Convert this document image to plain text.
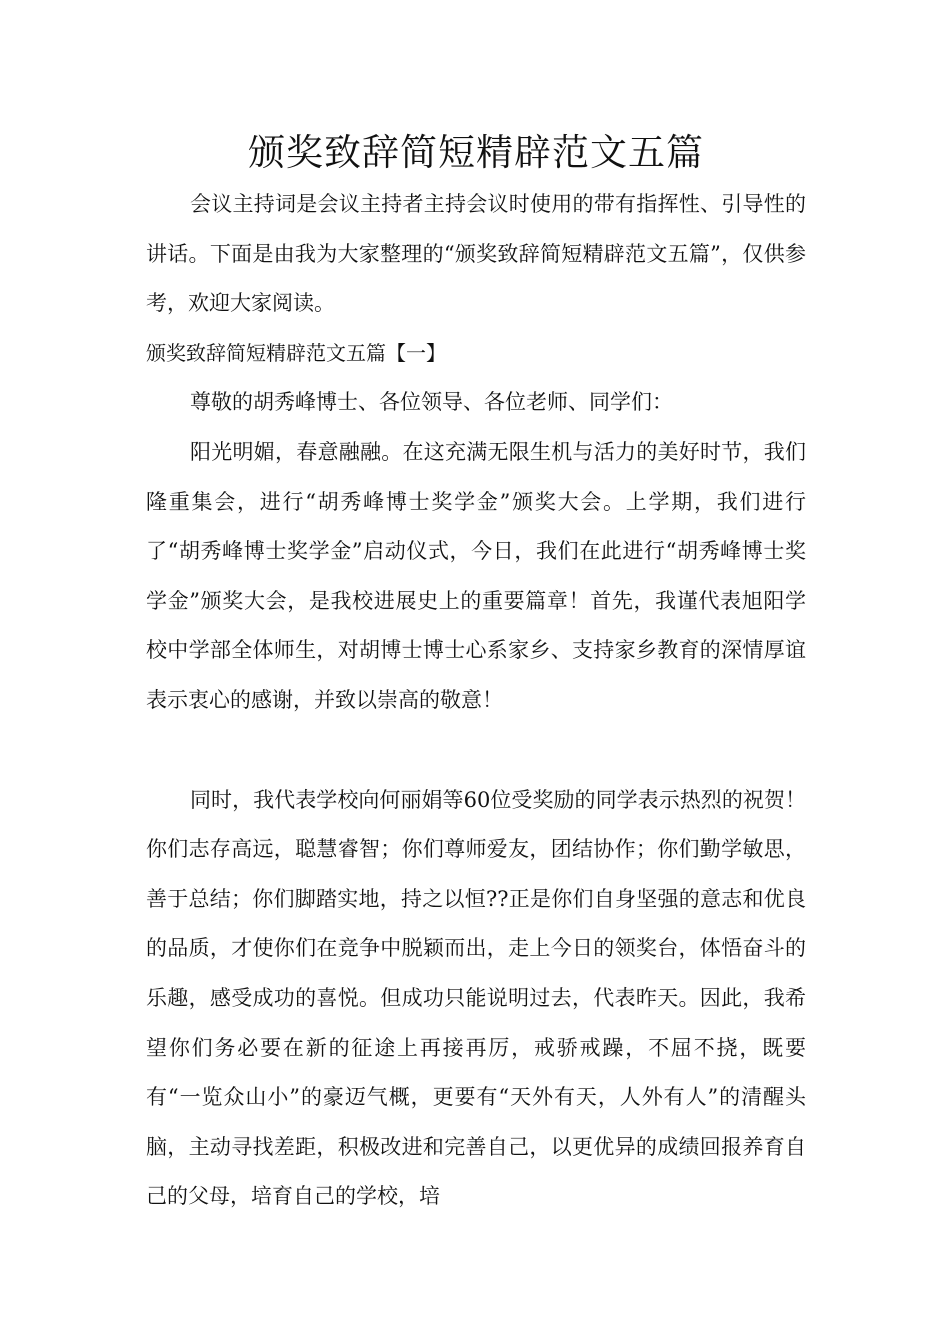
颁奖致辞简短精辟范文五篇

会议主持词是会议主持者主持会议时使用的带有指挥性、引导性的讲话。下面是由我为大家整理的“颁奖致辞简短精辟范文五篇”，仅供参考，欢迎大家阅读。

颁奖致辞简短精辟范文五篇【一】

尊敬的胡秀峰博士、各位领导、各位老师、同学们：

阳光明媚，春意融融。在这充满无限生机与活力的美好时节，我们隆重集会，进行“胡秀峰博士奖学金”颁奖大会。上学期，我们进行了“胡秀峰博士奖学金”启动仪式，今日，我们在此进行“胡秀峰博士奖学金”颁奖大会，是我校进展史上的重要篇章！首先，我谨代表旭阳学校中学部全体师生，对胡博士博士心系家乡、支持家乡教育的深情厚谊表示衷心的感谢，并致以崇高的敬意！

同时，我代表学校向何丽娟等60位受奖励的同学表示热烈的祝贺！你们志存高远，聪慧睿智；你们尊师爱友，团结协作；你们勤学敏思，善于总结；你们脚踏实地，持之以恒??正是你们自身坚强的意志和优良的品质，才使你们在竞争中脱颖而出，走上今日的领奖台，体悟奋斗的乐趣，感受成功的喜悦。但成功只能说明过去，代表昨天。因此，我希望你们务必要在新的征途上再接再厉，戒骄戒躁，不屈不挠，既要有“一览众山小”的豪迈气概，更要有“天外有天，人外有人”的清醒头脑，主动寻找差距，积极改进和完善自己，以更优异的成绩回报养育自己的父母，培育自己的学校，培
